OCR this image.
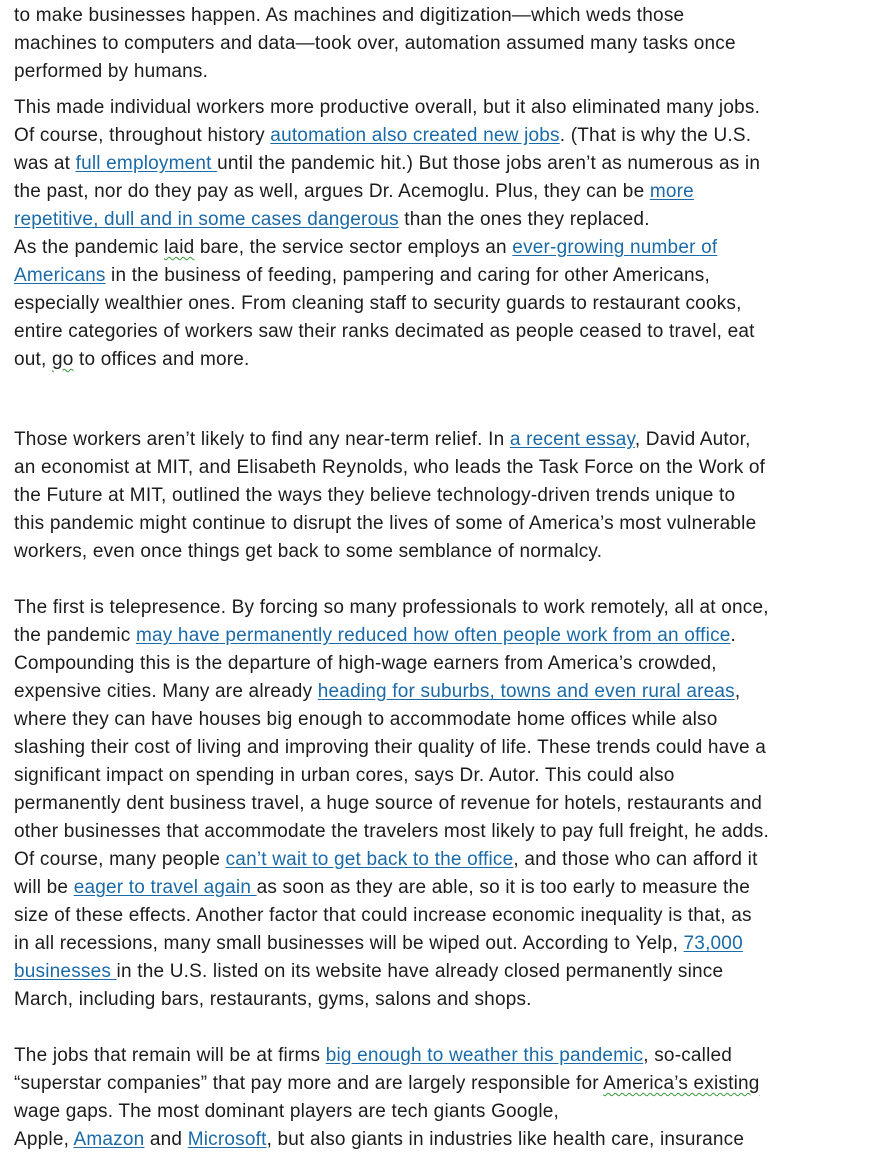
to make businesses happen. As machines and digitization—which weds those
machines to computers and data—took over, automation assumed many tasks once
performed by humans.
This made individual workers more productive overall, but it also eliminated many jobs.
Of course, throughout history automation also created new jobs. (That is why the U.S.
was at full employment until the pandemic hit.) But those jobs aren’t as numerous as in
the past, nor do they pay as well, argues Dr. Acemoglu. Plus, they can be more
repetitive, dull and in some cases dangerous than the ones they replaced.
As the pandemic laid bare, the service sector employs an ever-growing number of
Americans in the business of feeding, pampering and caring for other Americans,
especially wealthier ones. From cleaning staff to security guards to restaurant cooks,
entire categories of workers saw their ranks decimated as people ceased to travel, eat
out, go to offices and more.
Those workers aren’t likely to find any near-term relief. In a recent essay, David Autor,
an economist at MIT, and Elisabeth Reynolds, who leads the Task Force on the Work of
the Future at MIT, outlined the ways they believe technology-driven trends unique to
this pandemic might continue to disrupt the lives of some of America’s most vulnerable
workers, even once things get back to some semblance of normalcy.
The first is telepresence. By forcing so many professionals to work remotely, all at once,
the pandemic may have permanently reduced how often people work from an office.
Compounding this is the departure of high-wage earners from America’s crowded,
expensive cities. Many are already heading for suburbs, towns and even rural areas,
where they can have houses big enough to accommodate home offices while also
slashing their cost of living and improving their quality of life. These trends could have a
significant impact on spending in urban cores, says Dr. Autor. This could also
permanently dent business travel, a huge source of revenue for hotels, restaurants and
other businesses that accommodate the travelers most likely to pay full freight, he adds.
Of course, many people can’t wait to get back to the office, and those who can afford it
will be eager to travel again as soon as they are able, so it is too early to measure the
size of these effects. Another factor that could increase economic inequality is that, as
in all recessions, many small businesses will be wiped out. According to Yelp, 73,000
businesses in the U.S. listed on its website have already closed permanently since
March, including bars, restaurants, gyms, salons and shops.
The jobs that remain will be at firms big enough to weather this pandemic, so-called
“superstar companies” that pay more and are largely responsible for America’s existing
wage gaps. The most dominant players are tech giants Google,
Apple, Amazon and Microsoft, but also giants in industries like health care, insurance
